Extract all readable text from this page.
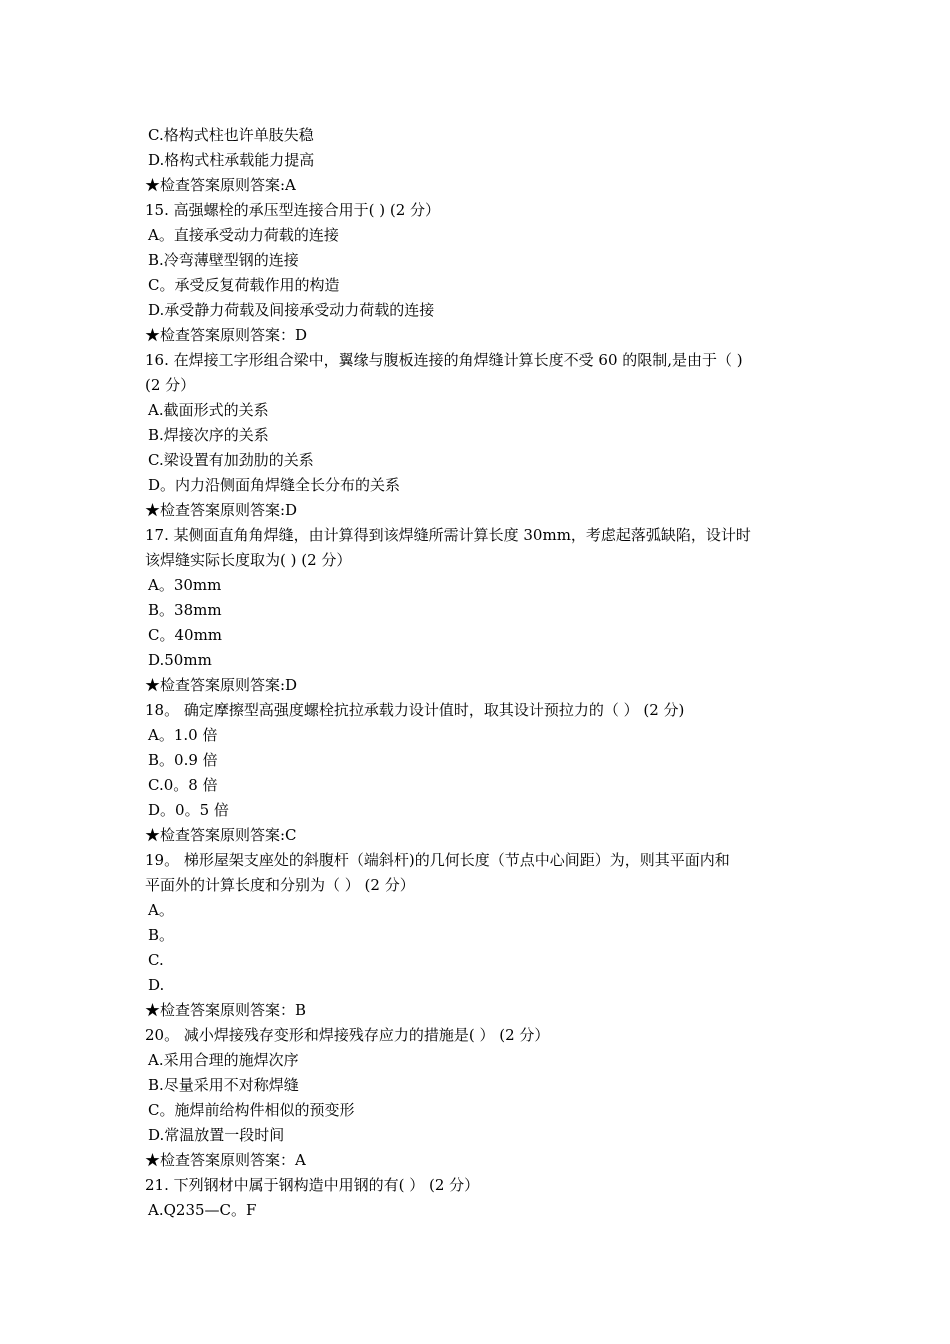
C.格构式柱也许单肢失稳
D.格构式柱承载能力提高
★检查答案原则答案:A
15. 高强螺栓的承压型连接合用于( ) (2 分）
A。直接承受动力荷载的连接
B.冷弯薄壁型钢的连接
C。承受反复荷载作用的构造
D.承受静力荷载及间接承受动力荷载的连接
★检查答案原则答案：D
16. 在焊接工字形组合梁中，翼缘与腹板连接的角焊缝计算长度不受 60 的限制,是由于（ )
(2 分）
A.截面形式的关系
B.焊接次序的关系
C.梁设置有加劲肋的关系
D。内力沿侧面角焊缝全长分布的关系
★检查答案原则答案:D
17. 某侧面直角角焊缝，由计算得到该焊缝所需计算长度 30mm，考虑起落弧缺陷，设计时
该焊缝实际长度取为( ) (2 分）
A。30mm
B。38mm
C。40mm
D.50mm
★检查答案原则答案:D
18。 确定摩擦型高强度螺栓抗拉承载力设计值时，取其设计预拉力的（ ） (2 分)
A。1.0 倍
B。0.9 倍
C.0。8 倍
D。0。5 倍
★检查答案原则答案:C
19。 梯形屋架支座处的斜腹杆（端斜杆)的几何长度（节点中心间距）为，则其平面内和
平面外的计算长度和分别为（ ） (2 分）
A。
B。
C.
D.
★检查答案原则答案：B
20。 减小焊接残存变形和焊接残存应力的措施是( ） (2 分）
A.采用合理的施焊次序
B.尽量采用不对称焊缝
C。施焊前给构件相似的预变形
D.常温放置一段时间
★检查答案原则答案：A
21. 下列钢材中属于钢构造中用钢的有( ） (2 分）
A.Q235—C。F
